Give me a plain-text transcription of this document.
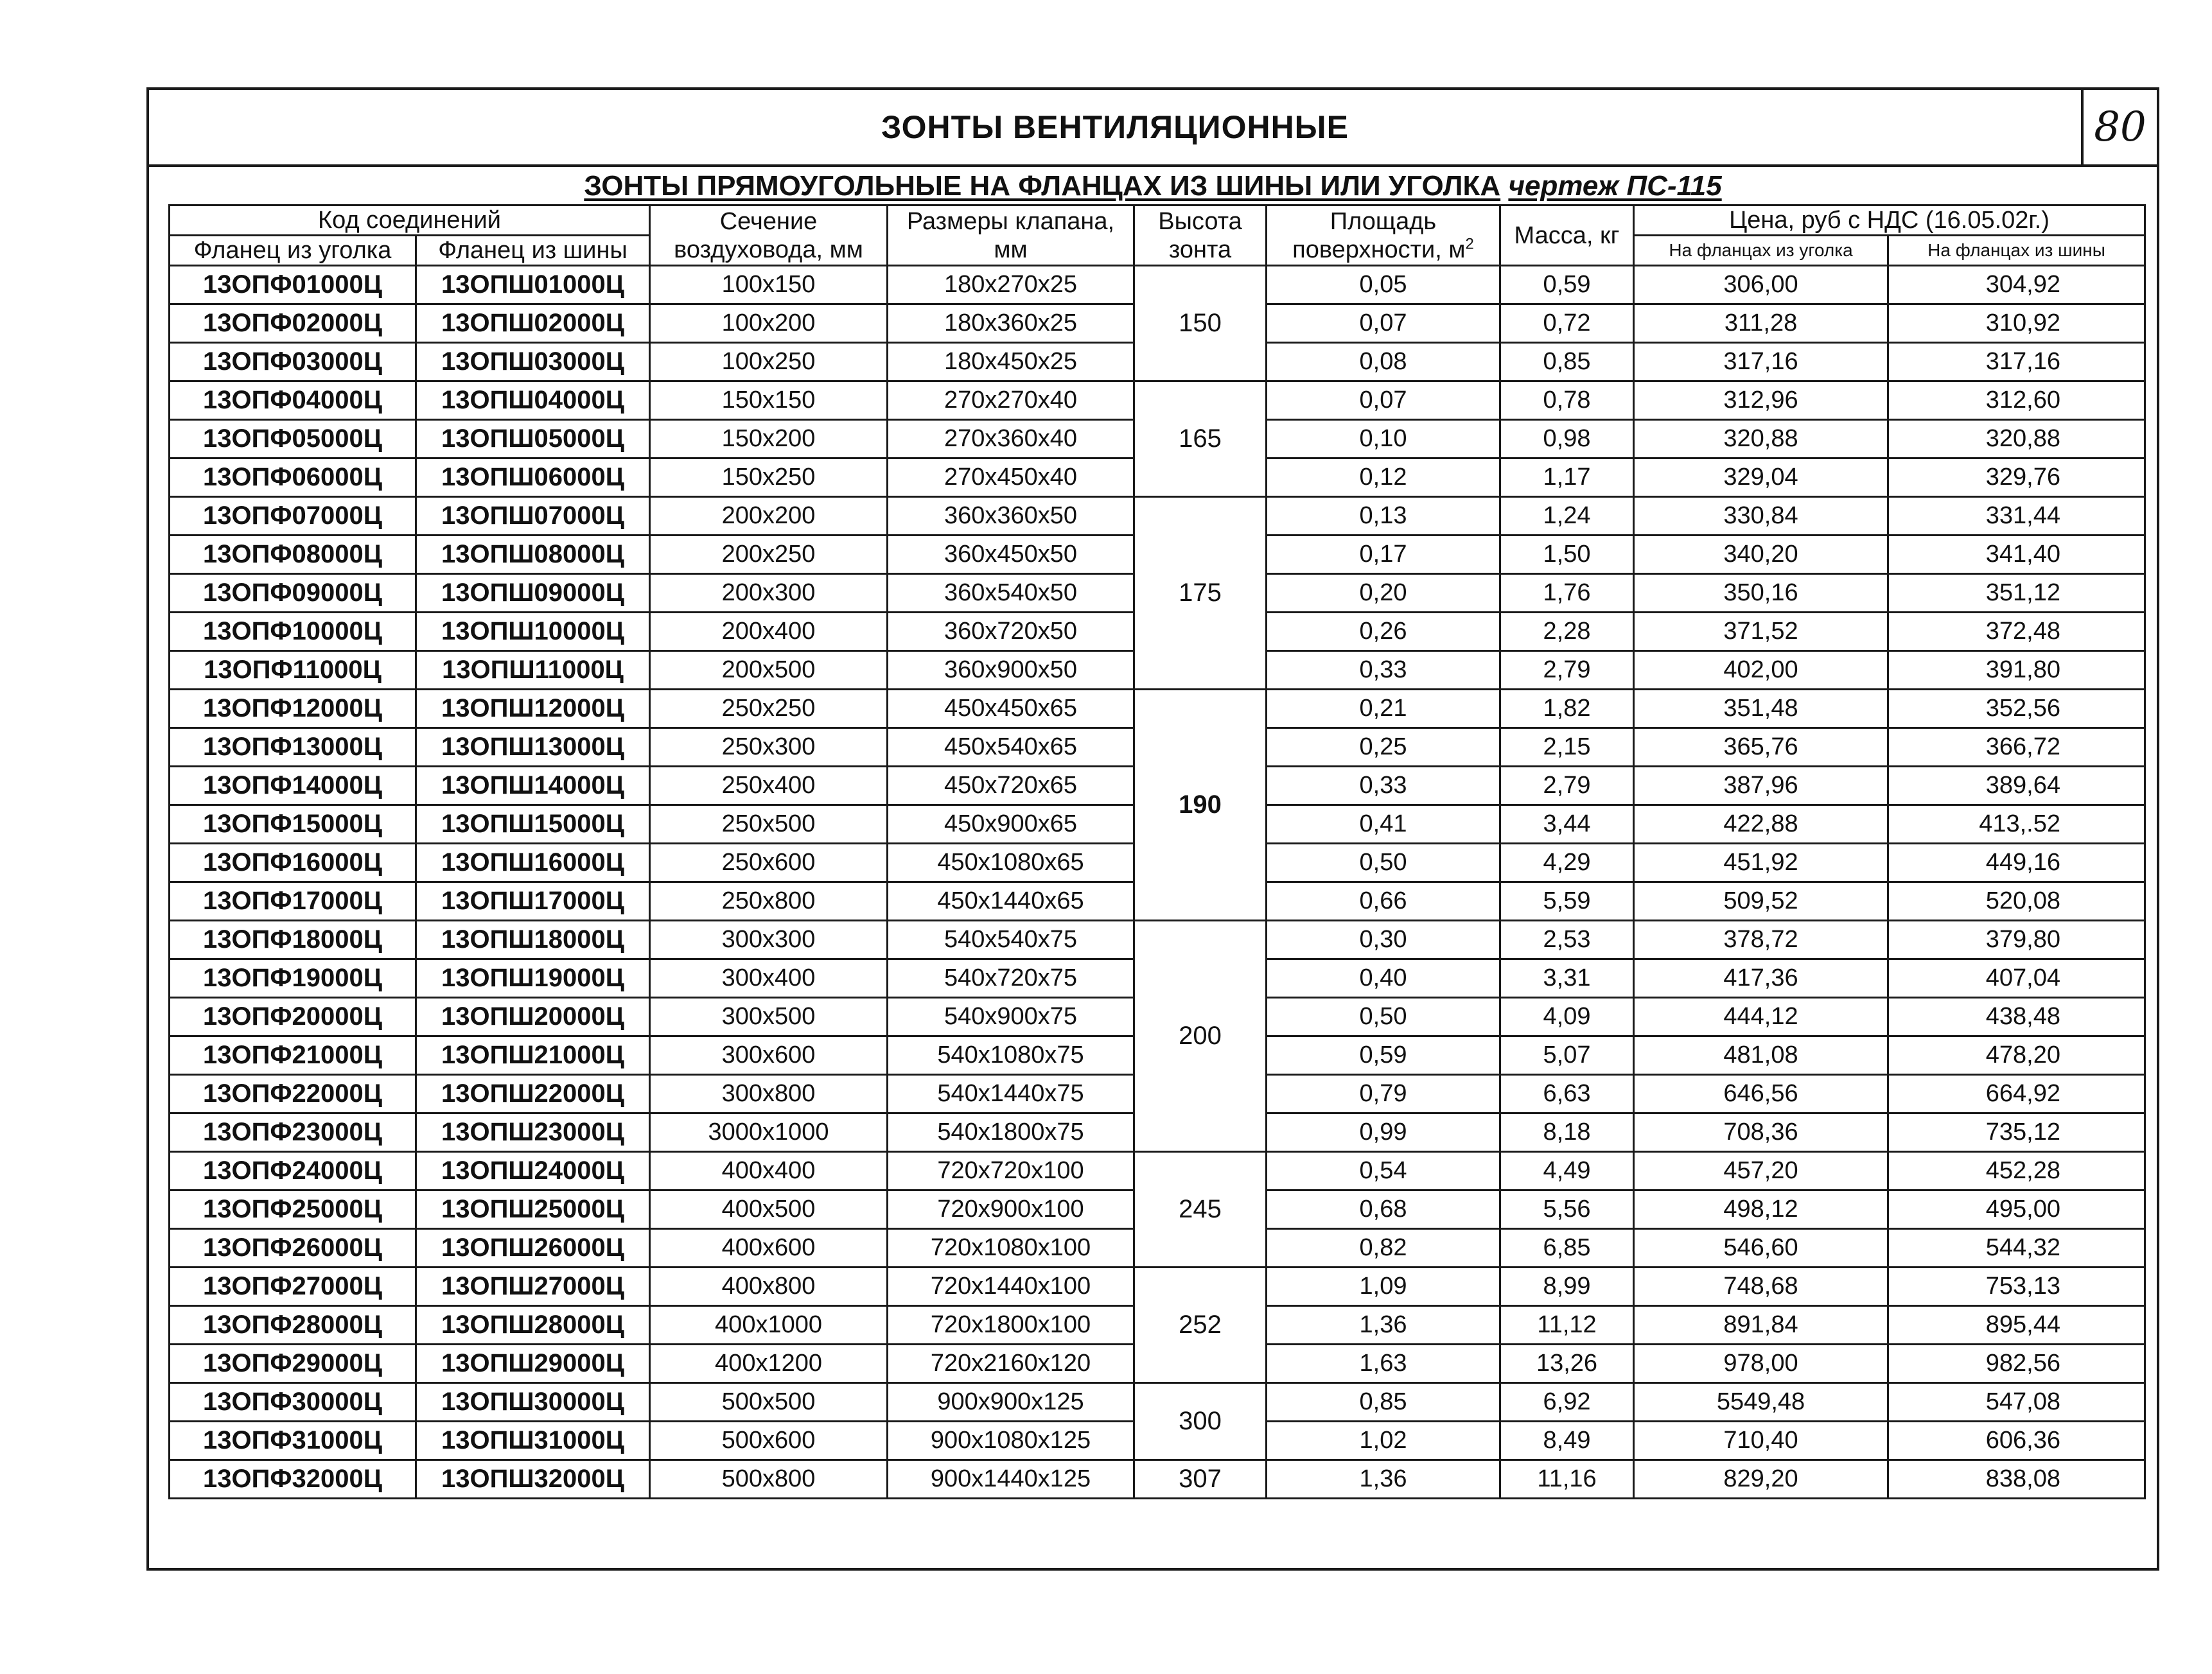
ЗОНТЫ ВЕНТИЛЯЦИОННЫЕ	80
ЗОНТЫ ПРЯМОУГОЛЬНЫЕ НА ФЛАНЦАХ ИЗ ШИНЫ ИЛИ УГОЛКА чертеж ПС-115
Код соединений		Сечение воздуховода, мм	Размеры клапана, мм	Высота зонта	Площадь поверхности, $м^2$	Масса, кг	Цена, руб с НДС (16.05.02г.)	
Фланец из уголка	Фланец из шины						На фланцах из уголка	На фланцах из шины
13ОПФ01000Ц	13ОПШ01000Ц	100x150	180x270x25	150	0,05	0,59	306,00	304,92
13ОПФ02000Ц	13ОПШ02000Ц	100x200	180x360x25		0,07	0,72	311,28	310,92
13ОПФ03000Ц	13ОПШ03000Ц	100x250	180x450x25		0,08	0,85	317,16	317,16
13ОПФ04000Ц	13ОПШ04000Ц	150x150	270x270x40	165	0,07	0,78	312,96	312,60
13ОПФ05000Ц	13ОПШ05000Ц	150x200	270x360x40		0,10	0,98	320,88	320,88
13ОПФ06000Ц	13ОПШ06000Ц	150x250	270x450x40		0,12	1,17	329,04	329,76
13ОПФ07000Ц	13ОПШ07000Ц	200x200	360x360x50	175	0,13	1,24	330,84	331,44
13ОПФ08000Ц	13ОПШ08000Ц	200x250	360x450x50		0,17	1,50	340,20	341,40
13ОПФ09000Ц	13ОПШ09000Ц	200x300	360x540x50		0,20	1,76	350,16	351,12
13ОПФ10000Ц	13ОПШ10000Ц	200x400	360x720x50		0,26	2,28	371,52	372,48
13ОПФ11000Ц	13ОПШ11000Ц	200x500	360x900x50		0,33	2,79	402,00	391,80
13ОПФ12000Ц	13ОПШ12000Ц	250x250	450x450x65	190	0,21	1,82	351,48	352,56
13ОПФ13000Ц	13ОПШ13000Ц	250x300	450x540x65		0,25	2,15	365,76	366,72
13ОПФ14000Ц	13ОПШ14000Ц	250x400	450x720x65		0,33	2,79	387,96	389,64
13ОПФ15000Ц	13ОПШ15000Ц	250x500	450x900x65		0,41	3,44	422,88	413,.52
13ОПФ16000Ц	13ОПШ16000Ц	250x600	450x1080x65		0,50	4,29	451,92	449,16
13ОПФ17000Ц	13ОПШ17000Ц	250x800	450x1440x65		0,66	5,59	509,52	520,08
13ОПФ18000Ц	13ОПШ18000Ц	300x300	540x540x75	200	0,30	2,53	378,72	379,80
13ОПФ19000Ц	13ОПШ19000Ц	300x400	540x720x75		0,40	3,31	417,36	407,04
13ОПФ20000Ц	13ОПШ20000Ц	300x500	540x900x75		0,50	4,09	444,12	438,48
13ОПФ21000Ц	13ОПШ21000Ц	300x600	540x1080x75		0,59	5,07	481,08	478,20
13ОПФ22000Ц	13ОПШ22000Ц	300x800	540x1440x75		0,79	6,63	646,56	664,92
13ОПФ23000Ц	13ОПШ23000Ц	3000x1000	540x1800x75		0,99	8,18	708,36	735,12
13ОПФ24000Ц	13ОПШ24000Ц	400x400	720x720x100	245	0,54	4,49	457,20	452,28
13ОПФ25000Ц	13ОПШ25000Ц	400x500	720x900x100		0,68	5,56	498,12	495,00
13ОПФ26000Ц	13ОПШ26000Ц	400x600	720x1080x100		0,82	6,85	546,60	544,32
13ОПФ27000Ц	13ОПШ27000Ц	400x800	720x1440x100	252	1,09	8,99	748,68	753,13
13ОПФ28000Ц	13ОПШ28000Ц	400x1000	720x1800x100		1,36	11,12	891,84	895,44
13ОПФ29000Ц	13ОПШ29000Ц	400x1200	720x2160x120		1,63	13,26	978,00	982,56
13ОПФ30000Ц	13ОПШ30000Ц	500x500	900x900x125	300	0,85	6,92	5549,48	547,08
13ОПФ31000Ц	13ОПШ31000Ц	500x600	900x1080x125		1,02	8,49	710,40	606,36
13ОПФ32000Ц	13ОПШ32000Ц	500x800	900x1440x125	307	1,36	11,16	829,20	838,08
